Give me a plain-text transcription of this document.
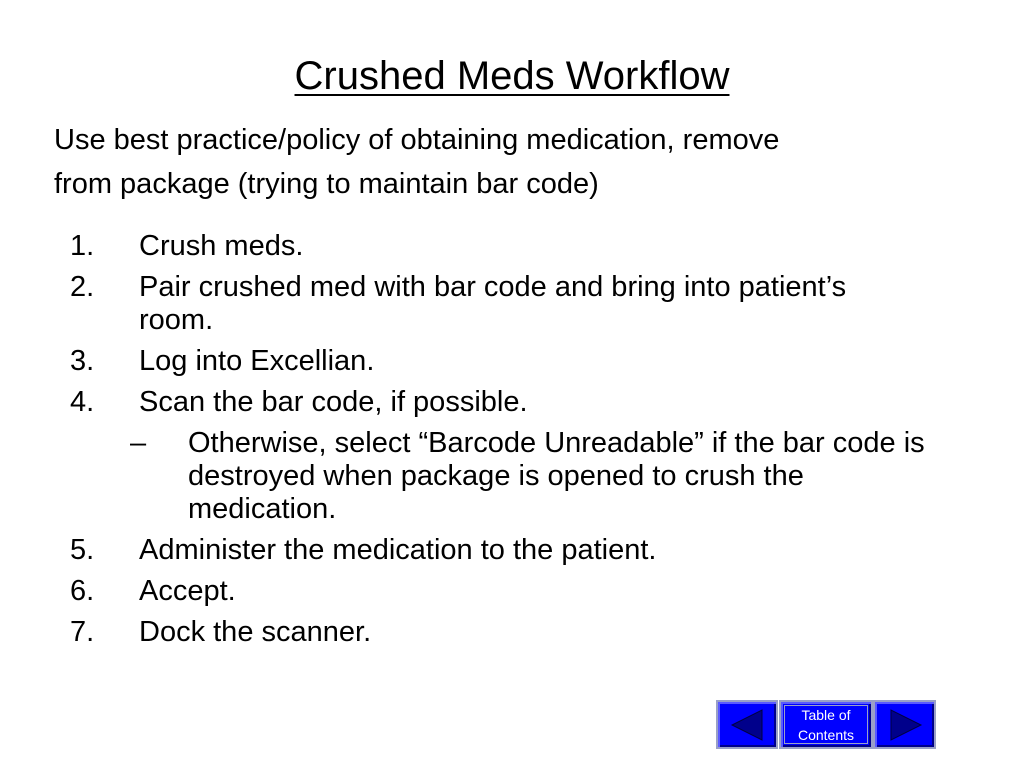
Crushed Meds Workflow

Use best practice/policy of obtaining medication, remove

from package (trying to maintain bar code)

1.	Crush meds.
2.	Pair crushed med with bar code and bring into patient’s room.
3.	Log into Excellian.
4.	Scan the bar code, if possible.
–	Otherwise, select “Barcode Unreadable” if the bar code is destroyed when package is opened to crush the medication.
5.	Administer the medication to the patient.
6.	Accept.
7.	Dock the scanner.
Table of
Contents
